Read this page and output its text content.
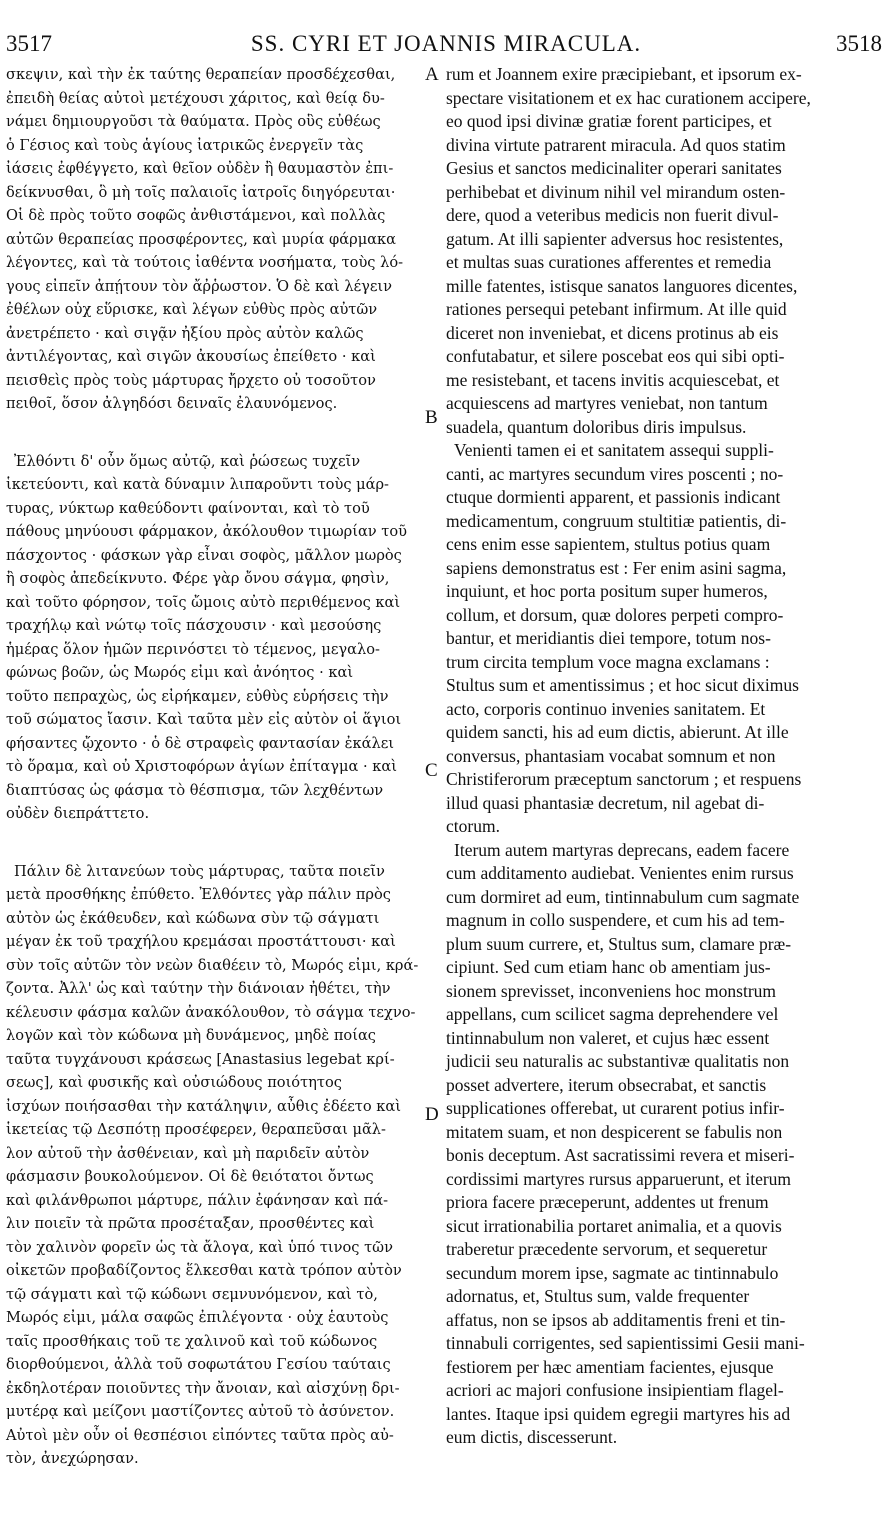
3517	SS. CYRI ET JOANNIS MIRACULA.	3518
σκεψιν, καὶ τὴν ἐκ ταύτης θεραπείαν προσδέχεσθαι,
ἐπειδὴ θείας αὐτοὶ μετέχουσι χάριτος, καὶ θείᾳ δυ-
νάμει δημιουργοῦσι τὰ θαύματα. Πρὸς οὓς εὐθέως
ὁ Γέσιος καὶ τοὺς ἁγίους ἰατρικῶς ἐνεργεῖν τὰς
ἰάσεις ἐφθέγγετο, καὶ θεῖον οὐδὲν ἢ θαυμαστὸν ἐπι-
δείκνυσθαι, ὃ μὴ τοῖς παλαιοῖς ἰατροῖς διηγόρευται·
Οἱ δὲ πρὸς τοῦτο σοφῶς ἀνθιστάμενοι, καὶ πολλὰς
αὐτῶν θεραπείας προσφέροντες, καὶ μυρία φάρμακα
λέγοντες, καὶ τὰ τούτοις ἰαθέντα νοσήματα, τοὺς λό-
γους εἰπεῖν ἀπῄτουν τὸν ἄῤῥωστον. Ὁ δὲ καὶ λέγειν
ἐθέλων οὐχ εὕρισκε, καὶ λέγων εὐθὺς πρὸς αὐτῶν
ἀνετρέπετο · καὶ σιγᾷν ἠξίου πρὸς αὐτὸν καλῶς
ἀντιλέγοντας, καὶ σιγῶν ἀκουσίως ἐπείθετο · καὶ
πεισθεὶς πρὸς τοὺς μάρτυρας ἤρχετο οὐ τοσοῦτον
πειθοῖ, ὅσον ἀλγηδόσι δειναῖς ἐλαυνόμενος.
Ἐλθόντι δ' οὖν ὅμως αὐτῷ, καὶ ῥώσεως τυχεῖν
ἱκετεύοντι, καὶ κατὰ δύναμιν λιπαροῦντι τοὺς μάρ-
τυρας, νύκτωρ καθεύδοντι φαίνονται, καὶ τὸ τοῦ
πάθους μηνύουσι φάρμακον, ἀκόλουθον τιμωρίαν τοῦ
πάσχοντος · φάσκων γὰρ εἶναι σοφὸς, μᾶλλον μωρὸς
ἢ σοφὸς ἀπεδείκνυτο. Φέρε γὰρ ὄνου σάγμα, φησὶν,
καὶ τοῦτο φόρησον, τοῖς ὤμοις αὐτὸ περιθέμενος καὶ
τραχήλῳ καὶ νώτῳ τοῖς πάσχουσιν · καὶ μεσούσης
ἡμέρας ὅλον ἡμῶν περινόστει τὸ τέμενος, μεγαλο-
φώνως βοῶν, ὡς Μωρός εἰμι καὶ ἀνόητος · καὶ
τοῦτο πεπραχὼς, ὡς εἰρήκαμεν, εὐθὺς εὑρήσεις τὴν
τοῦ σώματος ἴασιν. Καὶ ταῦτα μὲν εἰς αὐτὸν οἱ ἅγιοι
φήσαντες ᾤχοντο · ὁ δὲ στραφεὶς φαντασίαν ἐκάλει
τὸ ὅραμα, καὶ οὐ Χριστοφόρων ἁγίων ἐπίταγμα · καὶ
διαπτύσας ὡς φάσμα τὸ θέσπισμα, τῶν λεχθέντων
οὐδὲν διεπράττετο.
Πάλιν δὲ λιτανεύων τοὺς μάρτυρας, ταῦτα ποιεῖν
μετὰ προσθήκης ἐπύθετο. Ἐλθόντες γὰρ πάλιν πρὸς
αὐτὸν ὡς ἐκάθευδεν, καὶ κώδωνα σὺν τῷ σάγματι
μέγαν ἐκ τοῦ τραχήλου κρεμάσαι προστάττουσι· καὶ
σὺν τοῖς αὐτῶν τὸν νεὼν διαθέειν τὸ, Μωρός εἰμι, κρά-
ζοντα. Ἀλλ' ὡς καὶ ταύτην τὴν διάνοιαν ἠθέτει, τὴν
κέλευσιν φάσμα καλῶν ἀνακόλουθον, τὸ σάγμα τεχνο-
λογῶν καὶ τὸν κώδωνα μὴ δυνάμενος, μηδὲ ποίας
ταῦτα τυγχάνουσι κράσεως [Anastasius legebat κρί-
σεως], καὶ φυσικῆς καὶ οὐσιώδους ποιότητος
ἰσχύων ποιήσασθαι τὴν κατάληψιν, αὖθις ἐδέετο καὶ
ἱκετείας τῷ Δεσπότῃ προσέφερεν, θεραπεῦσαι μᾶλ-
λον αὐτοῦ τὴν ἀσθένειαν, καὶ μὴ παριδεῖν αὐτὸν
φάσμασιν βουκολούμενον. Οἱ δὲ θειότατοι ὄντως
καὶ φιλάνθρωποι μάρτυρε, πάλιν ἐφάνησαν καὶ πά-
λιν ποιεῖν τὰ πρῶτα προσέταξαν, προσθέντες καὶ
τὸν χαλινὸν φορεῖν ὡς τὰ ἄλογα, καὶ ὑπό τινος τῶν
οἰκετῶν προβαδίζοντος ἕλκεσθαι κατὰ τρόπον αὐτὸν
τῷ σάγματι καὶ τῷ κώδωνι σεμνυνόμενον, καὶ τὸ,
Μωρός εἰμι, μάλα σαφῶς ἐπιλέγοντα · οὐχ ἑαυτοὺς
ταῖς προσθήκαις τοῦ τε χαλινοῦ καὶ τοῦ κώδωνος
διορθούμενοι, ἀλλὰ τοῦ σοφωτάτου Γεσίου ταύταις
ἐκδηλοτέραν ποιοῦντες τὴν ἄνοιαν, καὶ αἰσχύνῃ δρι-
μυτέρᾳ καὶ μείζονι μαστίζοντες αὐτοῦ τὸ ἀσύνετον.
Αὐτοὶ μὲν οὖν οἱ θεσπέσιοι εἰπόντες ταῦτα πρὸς αὐ-
τὸν, ἀνεχώρησαν.
rum et Joannem exire præcipiebant, et ipsorum ex-
spectare visitationem et ex hac curationem accipere,
eo quod ipsi divinæ gratiæ forent participes, et
divina virtute patrarent miracula. Ad quos statim
Gesius et sanctos medicinaliter operari sanitates
perhibebat et divinum nihil vel mirandum osten-
dere, quod a veteribus medicis non fuerit divul-
gatum. At illi sapienter adversus hoc resistentes,
et multas suas curationes afferentes et remedia
mille fatentes, istisque sanatos languores dicentes,
rationes persequi petebant infirmum. At ille quid
diceret non inveniebat, et dicens protinus ab eis
confutabatur, et silere poscebat eos qui sibi opti-
me resistebant, et tacens invitis acquiescebat, et
acquiescens ad martyres veniebat, non tantum
suadela, quantum doloribus diris impulsus.
Venienti tamen ei et sanitatem assequi suppli-
canti, ac martyres secundum vires poscenti ; no-
ctuque dormienti apparent, et passionis indicant
medicamentum, congruum stultitiæ patientis, di-
cens enim esse sapientem, stultus potius quam
sapiens demonstratus est : Fer enim asini sagma,
inquiunt, et hoc porta positum super humeros,
collum, et dorsum, quæ dolores perpeti compro-
bantur, et meridiantis diei tempore, totum nos-
trum circita templum voce magna exclamans :
Stultus sum et amentissimus ; et hoc sicut diximus
acto, corporis continuo invenies sanitatem. Et
quidem sancti, his ad eum dictis, abierunt. At ille
conversus, phantasiam vocabat somnum et non
Christiferorum præceptum sanctorum ; et respuens
illud quasi phantasiæ decretum, nil agebat di-
ctorum.
Iterum autem martyras deprecans, eadem facere
cum additamento audiebat. Venientes enim rursus
cum dormiret ad eum, tintinnabulum cum sagmate
magnum in collo suspendere, et cum his ad tem-
plum suum currere, et, Stultus sum, clamare præ-
cipiunt. Sed cum etiam hanc ob amentiam jus-
sionem sprevisset, inconveniens hoc monstrum
appellans, cum scilicet sagma deprehendere vel
tintinnabulum non valeret, et cujus hæc essent
judicii seu naturalis ac substantivæ qualitatis non
posset advertere, iterum obsecrabat, et sanctis
supplicationes offerebat, ut curarent potius infir-
mitatem suam, et non despicerent se fabulis non
bonis deceptum. Ast sacratissimi revera et miseri-
cordissimi martyres rursus apparuerunt, et iterum
priora facere præceperunt, addentes ut frenum
sicut irrationabilia portaret animalia, et a quovis
traberetur præcedente servorum, et sequeretur
secundum morem ipse, sagmate ac tintinnabulo
adornatus, et, Stultus sum, valde frequenter
affatus, non se ipsos ab additamentis freni et tin-
tinnabuli corrigentes, sed sapientissimi Gesii mani-
festiorem per hæc amentiam facientes, ejusque
acriori ac majori confusione insipientiam flagel-
lantes. Itaque ipsi quidem egregii martyres his ad
eum dictis, discesserunt.
A
B
C
D
